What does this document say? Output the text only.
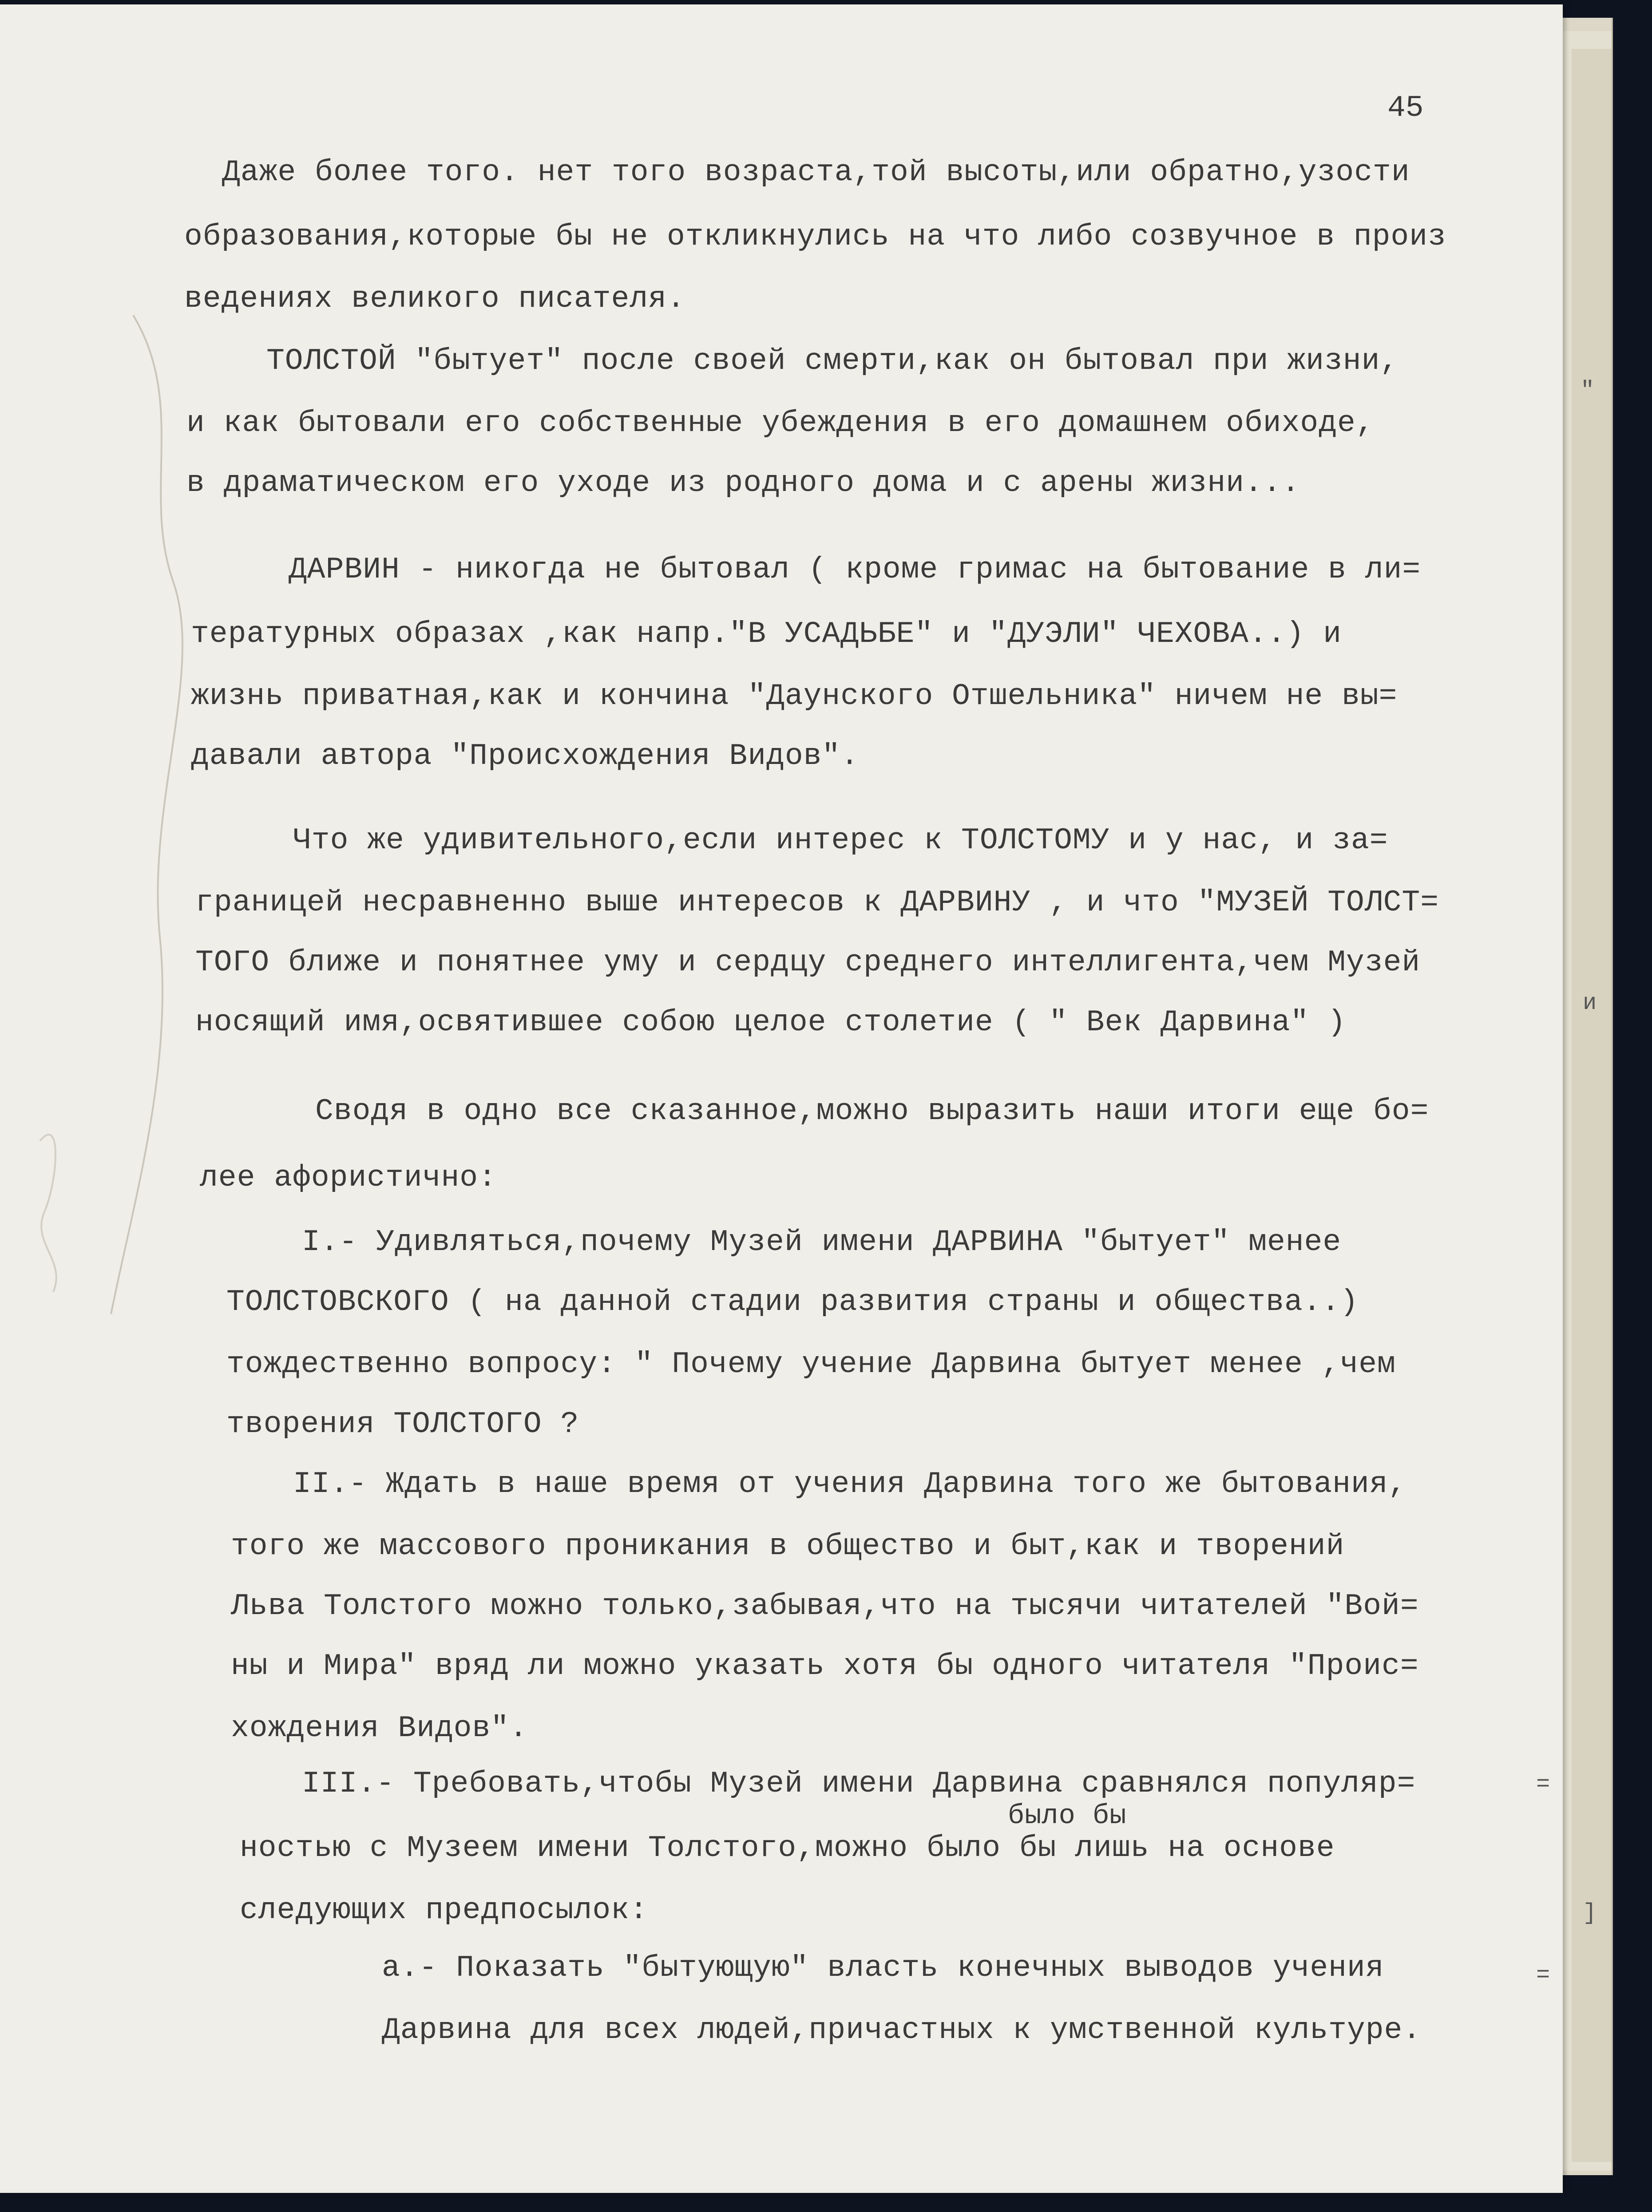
45
Даже более того. нет того возраста,той высоты,или обратно,узости
образования,которые бы не откликнулись на что либо созвучное в произ
ведениях великого писателя.
ТОЛСТОЙ "бытует" после своей смерти,как он бытовал при жизни,
и как бытовали его собственные убеждения в его домашнем обиходе,
в драматическом его уходе из родного дома и с арены жизни...
ДАРВИН - никогда не бытовал ( кроме гримас на бытование в ли=
тературных образах ,как напр."В УСАДЬБЕ" и "ДУЭЛИ" ЧЕХОВА..) и
жизнь приватная,как и кончина "Даунского Отшельника" ничем не вы=
давали автора "Происхождения Видов".
Что же удивительного,если интерес к ТОЛСТОМУ и у нас, и за=
границей несравненно выше интересов к ДАРВИНУ , и что "МУЗЕЙ ТОЛСТ=
ТОГО ближе и понятнее уму и сердцу среднего интеллигента,чем Музей
носящий имя,освятившее собою целое столетие ( " Век Дарвина" )
Сводя в одно все сказанное,можно выразить наши итоги еще бо=
лее афористично:
I.- Удивляться,почему Музей имени ДАРВИНА "бытует" менее
ТОЛСТОВСКОГО ( на данной стадии развития страны и общества..)
тождественно вопросу: " Почему учение Дарвина бытует менее ,чем
творения ТОЛСТОГО ?
II.- Ждать в наше время от учения Дарвина того же бытования,
того же массового проникания в общество и быт,как и творений
Льва Толстого можно только,забывая,что на тысячи читателей "Вой=
ны и Мира" вряд ли можно указать хотя бы одного читателя "Проис=
хождения Видов".
III.- Требовать,чтобы Музей имени Дарвина сравнялся популяр=
было бы
ностью с Музеем имени Толстого,можно было бы лишь на основе
следующих предпосылок:
а.- Показать "бытующую" власть конечных выводов учения
Дарвина для всех людей,причастных к умственной культуре.
"
и
=
]
=
